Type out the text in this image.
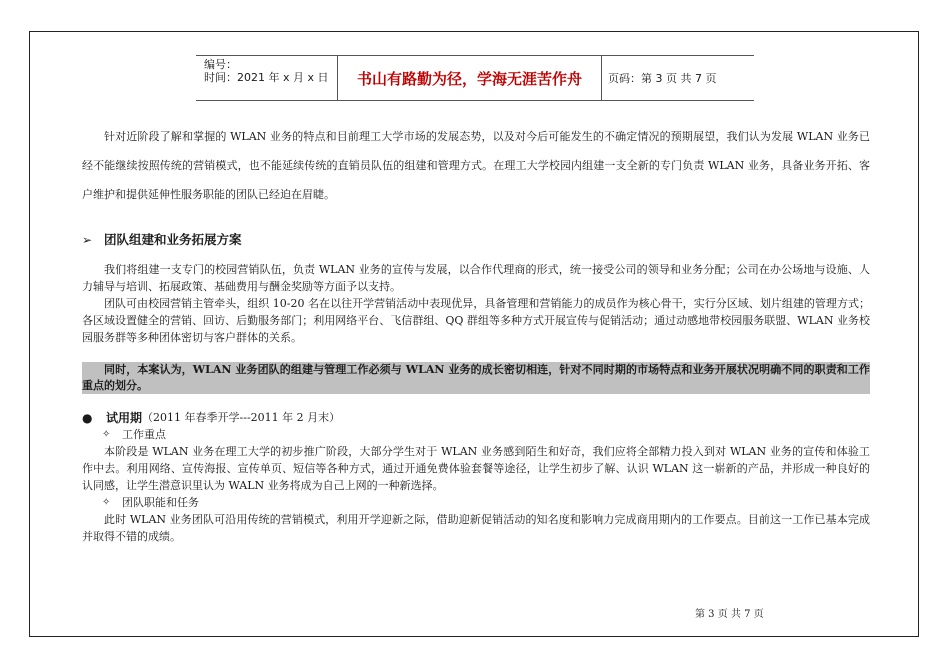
编号：
时间：2021 年 x 月 x 日	书山有路勤为径，学海无涯苦作舟	页码：第 3 页 共 7 页

针对近阶段了解和掌握的 WLAN 业务的特点和目前理工大学市场的发展态势，以及对今后可能发生的不确定情况的预期展望，我们认为发展 WLAN 业务已经不能继续按照传统的营销模式，也不能延续传统的直销员队伍的组建和管理方式。在理工大学校园内组建一支全新的专门负责 WLAN 业务，具备业务开拓、客户维护和提供延伸性服务职能的团队已经迫在眉睫。

➢ 团队组建和业务拓展方案

我们将组建一支专门的校园营销队伍，负责 WLAN 业务的宣传与发展，以合作代理商的形式，统一接受公司的领导和业务分配；公司在办公场地与设施、人力辅导与培训、拓展政策、基础费用与酬金奖励等方面予以支持。

团队可由校园营销主管牵头，组织 10-20 名在以往开学营销活动中表现优异，具备管理和营销能力的成员作为核心骨干，实行分区域、划片组建的管理方式；各区域设置健全的营销、回访、后勤服务部门；利用网络平台、飞信群组、QQ 群组等多种方式开展宣传与促销活动；通过动感地带校园服务联盟、WLAN 业务校园服务群等多种团体密切与客户群体的关系。

同时，本案认为，WLAN 业务团队的组建与管理工作必须与 WLAN 业务的成长密切相连，针对不同时期的市场特点和业务开展状况明确不同的职责和工作重点的划分。

●	试用期 （2011 年春季开学---2011 年 2 月末）
✧	工作重点

本阶段是 WLAN 业务在理工大学的初步推广阶段，大部分学生对于 WLAN 业务感到陌生和好奇，我们应将全部精力投入到对 WLAN 业务的宣传和体验工作中去。利用网络、宣传海报、宣传单页、短信等各种方式，通过开通免费体验套餐等途径，让学生初步了解、认识 WLAN 这一崭新的产品，并形成一种良好的认同感，让学生潜意识里认为 WALN 业务将成为自己上网的一种新选择。

✧	团队职能和任务

此时 WLAN 业务团队可沿用传统的营销模式，利用开学迎新之际，借助迎新促销活动的知名度和影响力完成商用期内的工作要点。目前这一工作已基本完成并取得不错的成绩。

第 3 页 共 7 页
